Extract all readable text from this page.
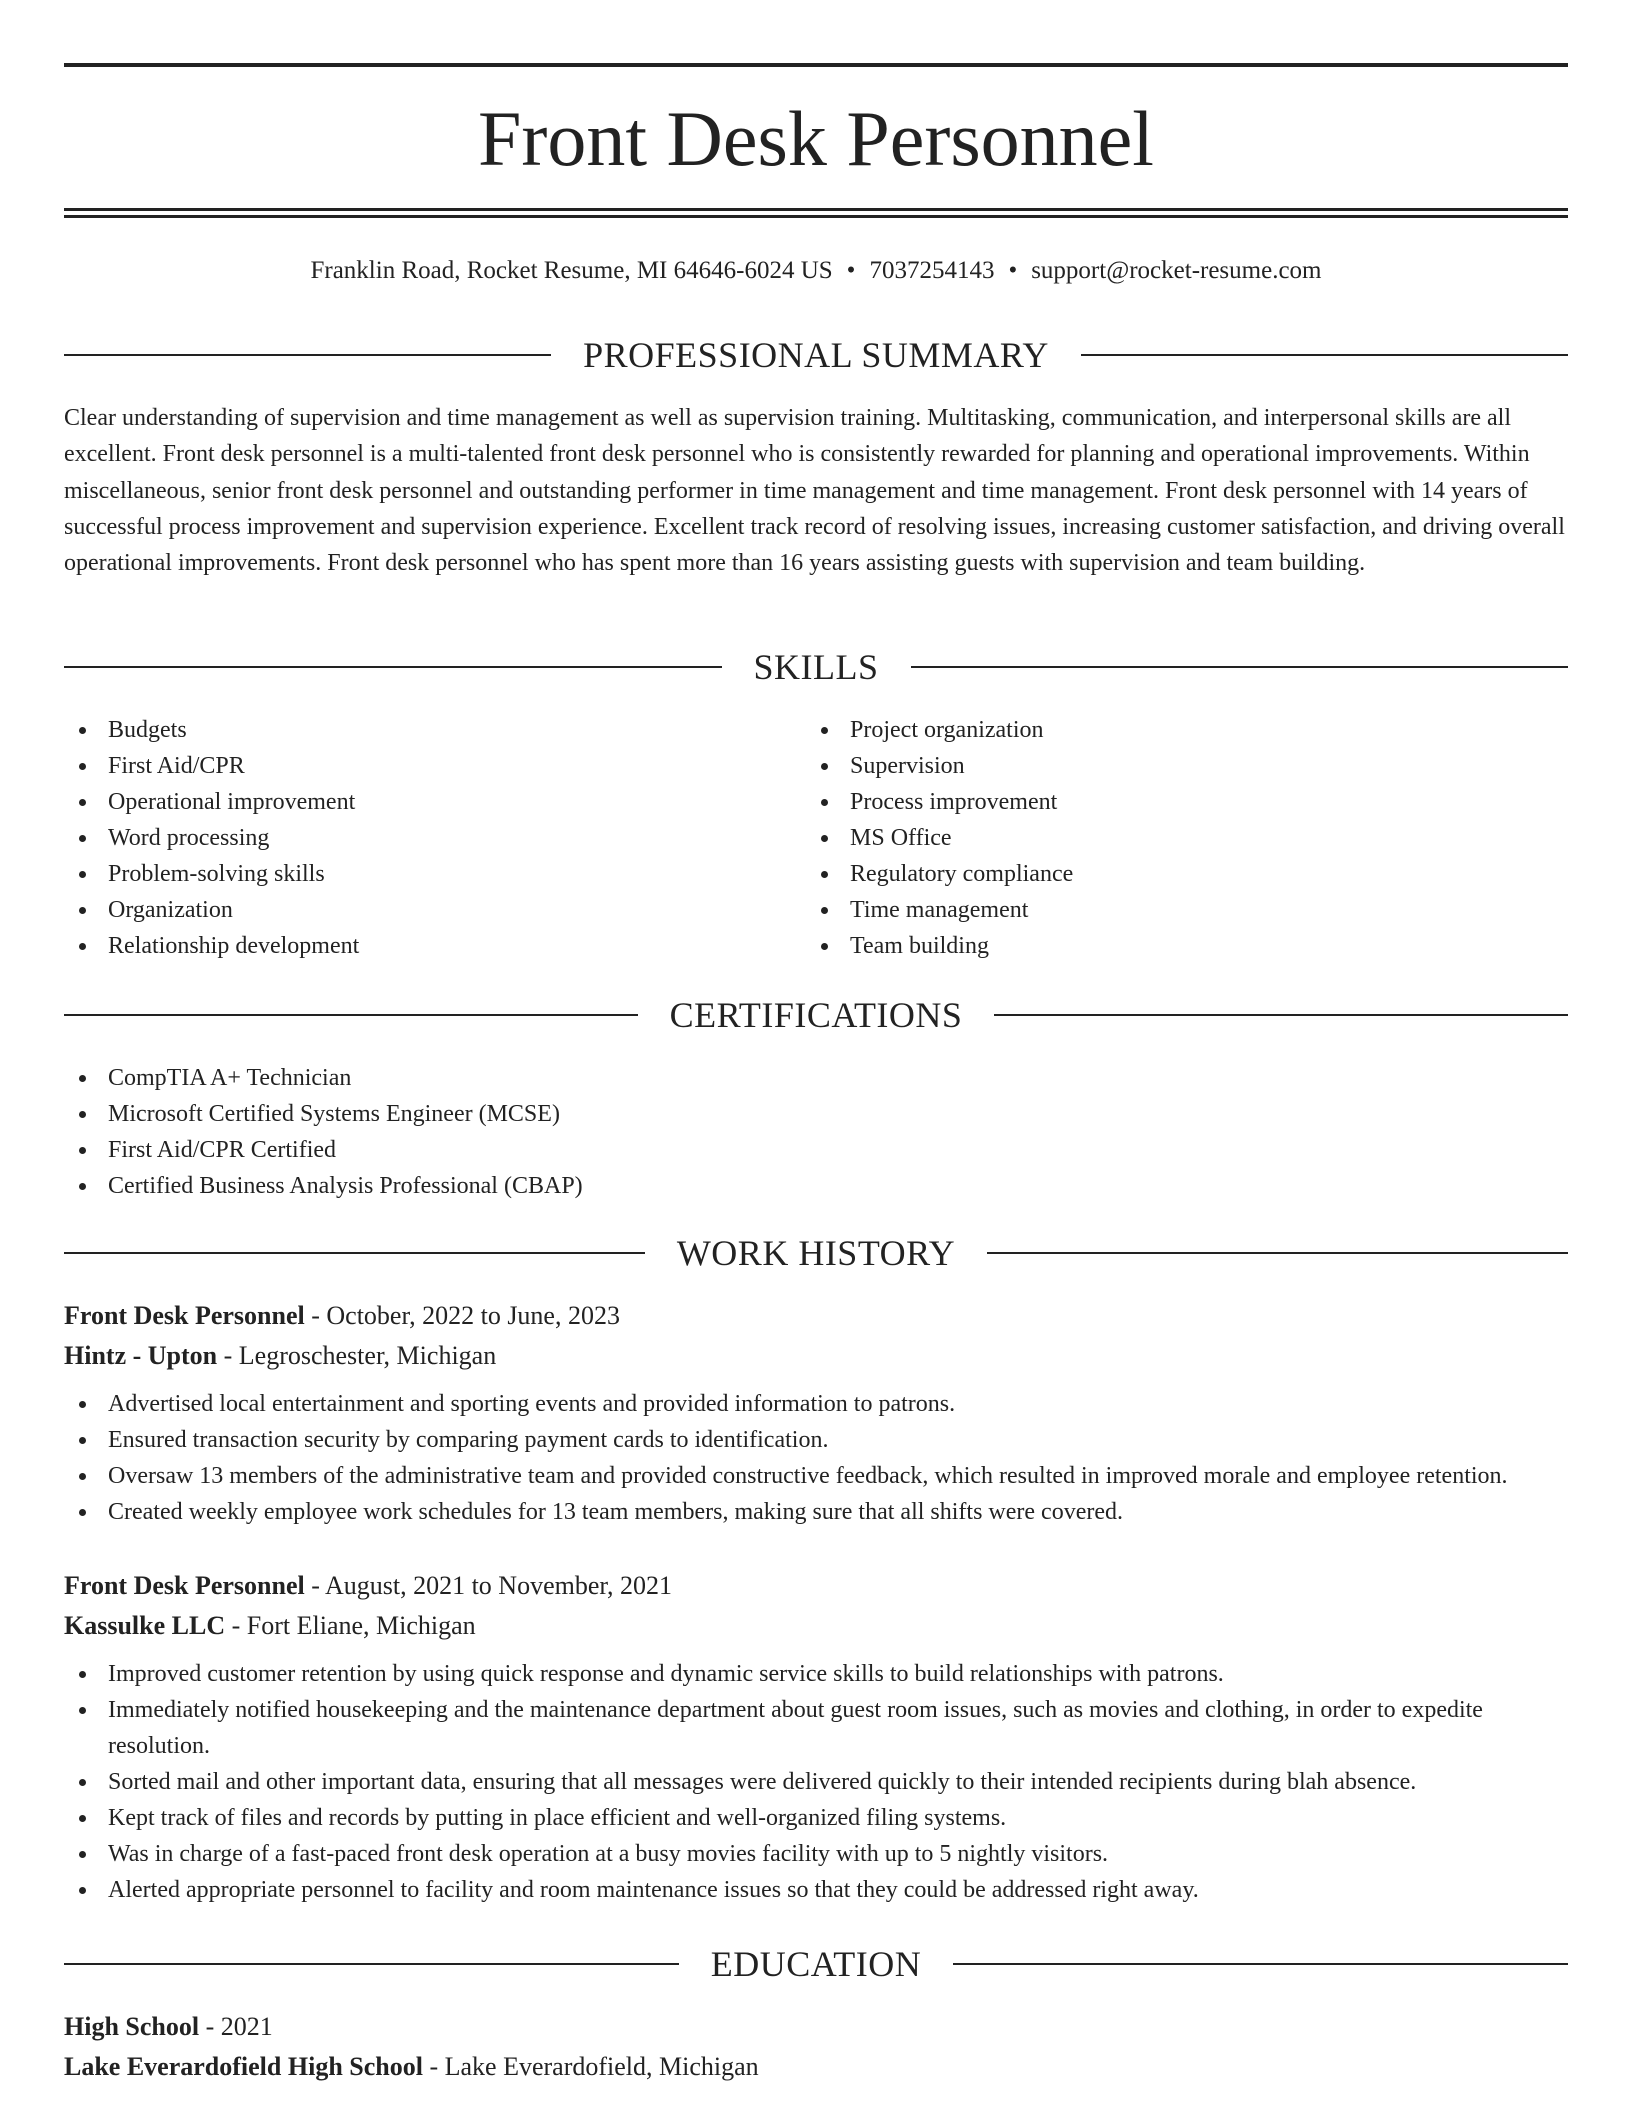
Front Desk Personnel
Franklin Road, Rocket Resume, MI 64646-6024 US • 7037254143 • support@rocket-resume.com
PROFESSIONAL SUMMARY

Clear understanding of supervision and time management as well as supervision training. Multitasking, communication, and interpersonal skills are all excellent. Front desk personnel is a multi-talented front desk personnel who is consistently rewarded for planning and operational improvements. Within miscellaneous, senior front desk personnel and outstanding performer in time management and time management. Front desk personnel with 14 years of successful process improvement and supervision experience. Excellent track record of resolving issues, increasing customer satisfaction, and driving overall operational improvements. Front desk personnel who has spent more than 16 years assisting guests with supervision and team building.

SKILLS
Budgets
First Aid/CPR
Operational improvement
Word processing
Problem-solving skills
Organization
Relationship development
Project organization
Supervision
Process improvement
MS Office
Regulatory compliance
Time management
Team building
CERTIFICATIONS
CompTIA A+ Technician
Microsoft Certified Systems Engineer (MCSE)
First Aid/CPR Certified
Certified Business Analysis Professional (CBAP)
WORK HISTORY

Front Desk Personnel - October, 2022 to June, 2023

Hintz - Upton - Legroschester, Michigan

Advertised local entertainment and sporting events and provided information to patrons.
Ensured transaction security by comparing payment cards to identification.
Oversaw 13 members of the administrative team and provided constructive feedback, which resulted in improved morale and employee retention.
Created weekly employee work schedules for 13 team members, making sure that all shifts were covered.

Front Desk Personnel - August, 2021 to November, 2021

Kassulke LLC - Fort Eliane, Michigan

Improved customer retention by using quick response and dynamic service skills to build relationships with patrons.
Immediately notified housekeeping and the maintenance department about guest room issues, such as movies and clothing, in order to expedite resolution.
Sorted mail and other important data, ensuring that all messages were delivered quickly to their intended recipients during blah absence.
Kept track of files and records by putting in place efficient and well-organized filing systems.
Was in charge of a fast-paced front desk operation at a busy movies facility with up to 5 nightly visitors.
Alerted appropriate personnel to facility and room maintenance issues so that they could be addressed right away.
EDUCATION

High School - 2021

Lake Everardofield High School - Lake Everardofield, Michigan
